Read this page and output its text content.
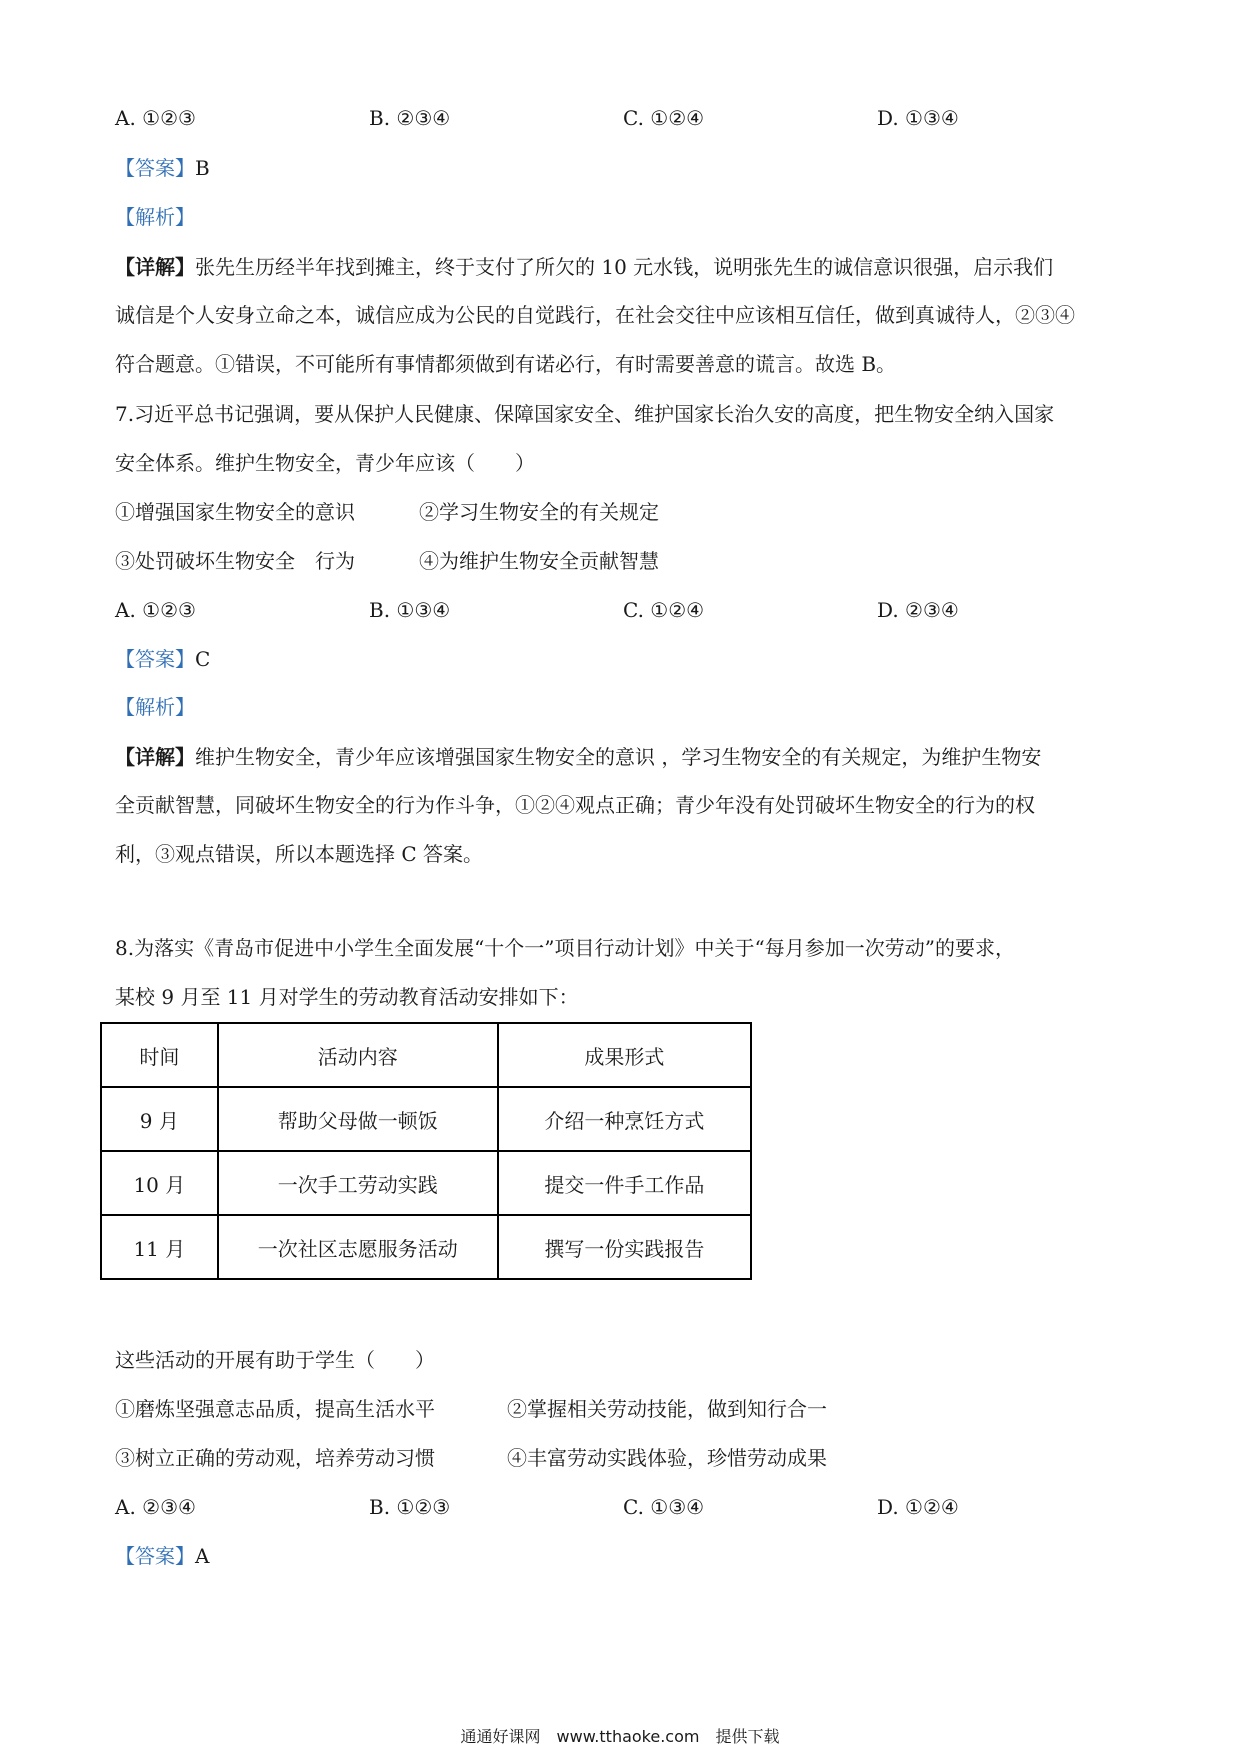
A. ①②③	B. ②③④	C. ①②④	D. ①③④
【答案】B
【解析】
【详解】张先生历经半年找到摊主，终于支付了所欠的 10 元水钱，说明张先生的诚信意识很强，启示我们
诚信是个人安身立命之本，诚信应成为公民的自觉践行，在社会交往中应该相互信任，做到真诚待人，②③④
符合题意。①错误，不可能所有事情都须做到有诺必行，有时需要善意的谎言。故选 B。
7.习近平总书记强调，要从保护人民健康、保障国家安全、维护国家长治久安的高度，把生物安全纳入国家
安全体系。维护生物安全，青少年应该（　　）
①增强国家生物安全的意识	②学习生物安全的有关规定
③处罚破坏生物安全　行为	④为维护生物安全贡献智慧
A. ①②③	B. ①③④	C. ①②④	D. ②③④
【答案】C
【解析】
【详解】维护生物安全，青少年应该增强国家生物安全的意识 ，学习生物安全的有关规定，为维护生物安
全贡献智慧，同破坏生物安全的行为作斗争，①②④观点正确；青少年没有处罚破坏生物安全的行为的权
利，③观点错误，所以本题选择 C 答案。
8.为落实《青岛市促进中小学生全面发展“十个一”项目行动计划》中关于“每月参加一次劳动”的要求，
某校 9 月至 11 月对学生的劳动教育活动安排如下：
时间	活动内容	成果形式
9 月	帮助父母做一顿饭	介绍一种烹饪方式
10 月	一次手工劳动实践	提交一件手工作品
11 月	一次社区志愿服务活动	撰写一份实践报告
这些活动的开展有助于学生（　　）
①磨炼坚强意志品质，提高生活水平	②掌握相关劳动技能，做到知行合一
③树立正确的劳动观，培养劳动习惯	④丰富劳动实践体验，珍惜劳动成果
A. ②③④	B. ①②③	C. ①③④	D. ①②④
【答案】A
通通好课网　www.tthaoke.com　提供下载
